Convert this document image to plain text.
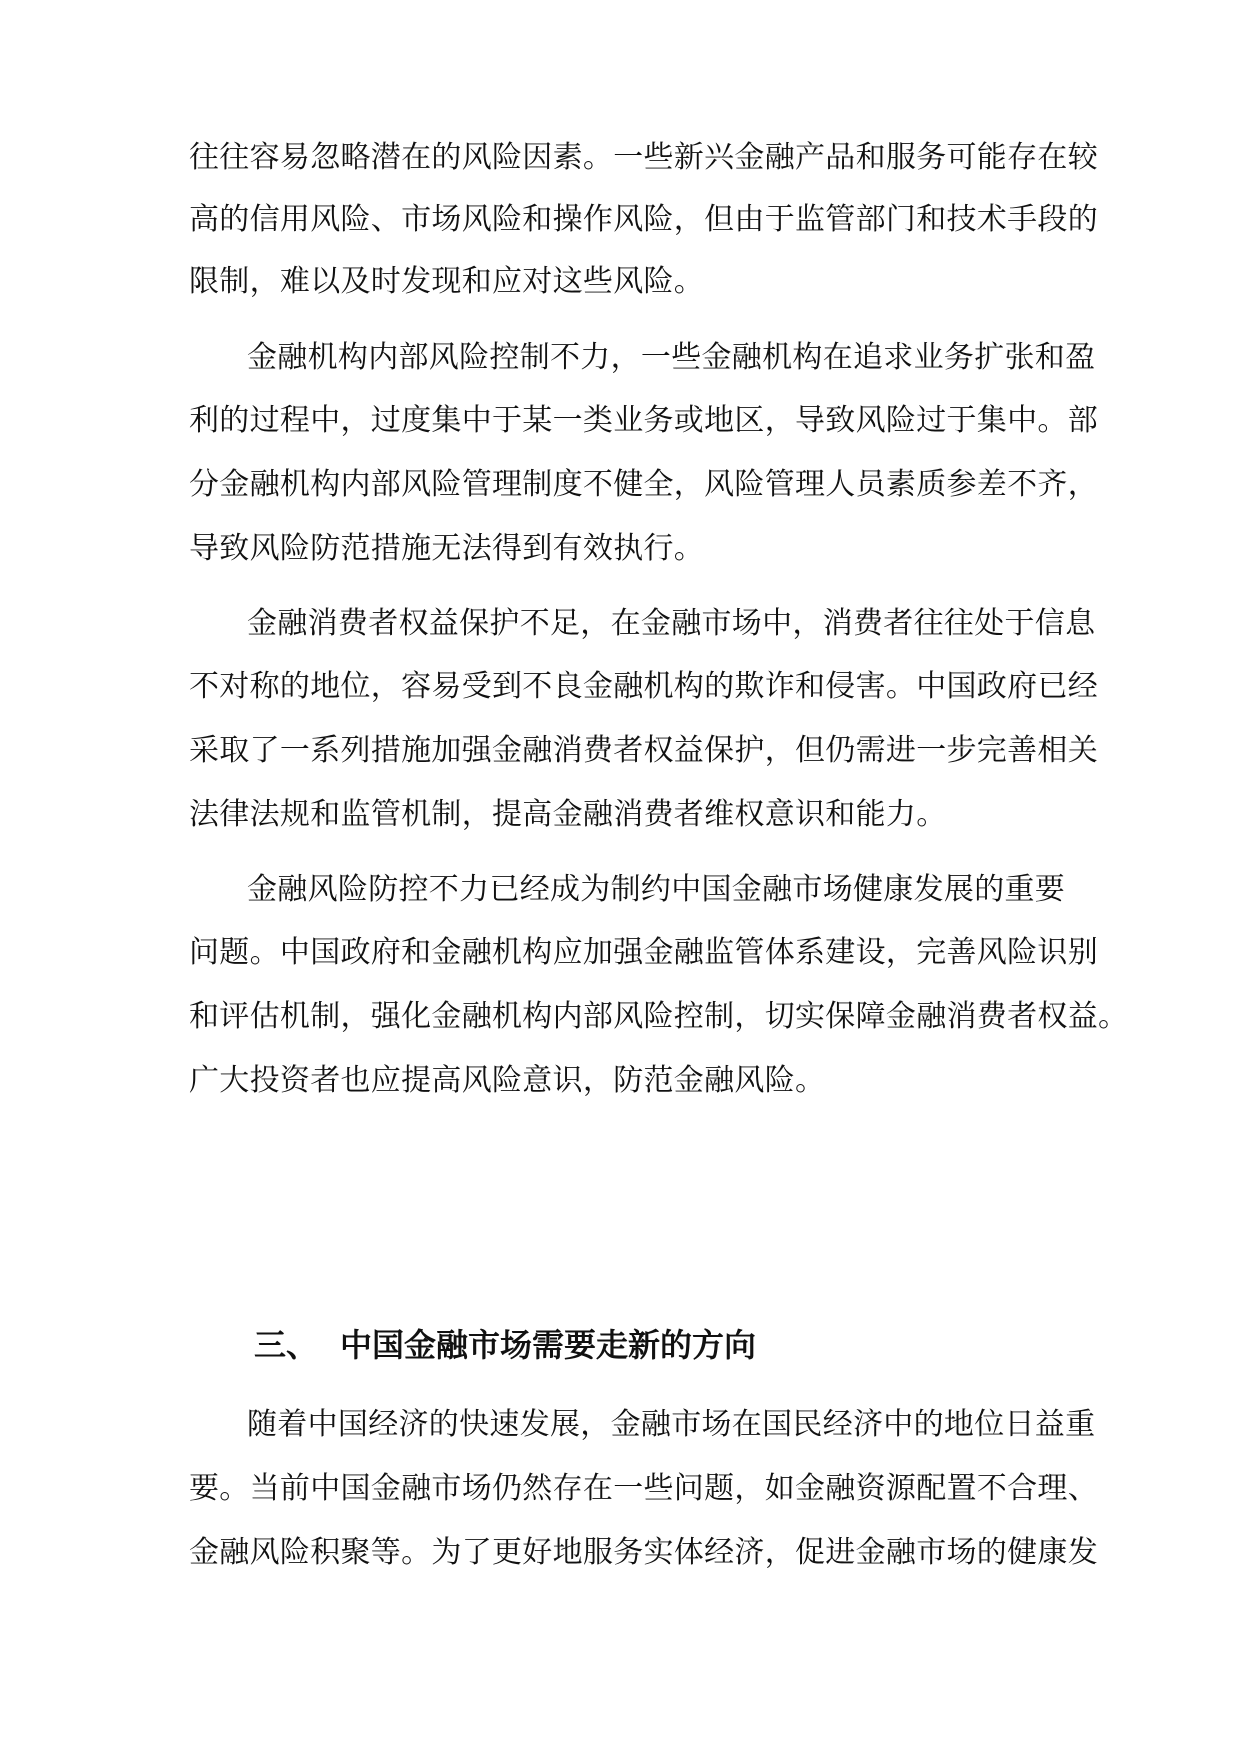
往往容易忽略潜在的风险因素。一些新兴金融产品和服务可能存在较
高的信用风险、市场风险和操作风险，但由于监管部门和技术手段的
限制，难以及时发现和应对这些风险。
金融机构内部风险控制不力，一些金融机构在追求业务扩张和盈
利的过程中，过度集中于某一类业务或地区，导致风险过于集中。部
分金融机构内部风险管理制度不健全，风险管理人员素质参差不齐，
导致风险防范措施无法得到有效执行。
金融消费者权益保护不足，在金融市场中，消费者往往处于信息
不对称的地位，容易受到不良金融机构的欺诈和侵害。中国政府已经
采取了一系列措施加强金融消费者权益保护，但仍需进一步完善相关
法律法规和监管机制，提高金融消费者维权意识和能力。
金融风险防控不力已经成为制约中国金融市场健康发展的重要
问题。中国政府和金融机构应加强金融监管体系建设，完善风险识别
和评估机制，强化金融机构内部风险控制，切实保障金融消费者权益。
广大投资者也应提高风险意识，防范金融风险。
三、 中国金融市场需要走新的方向
随着中国经济的快速发展，金融市场在国民经济中的地位日益重
要。当前中国金融市场仍然存在一些问题，如金融资源配置不合理、
金融风险积聚等。为了更好地服务实体经济，促进金融市场的健康发
